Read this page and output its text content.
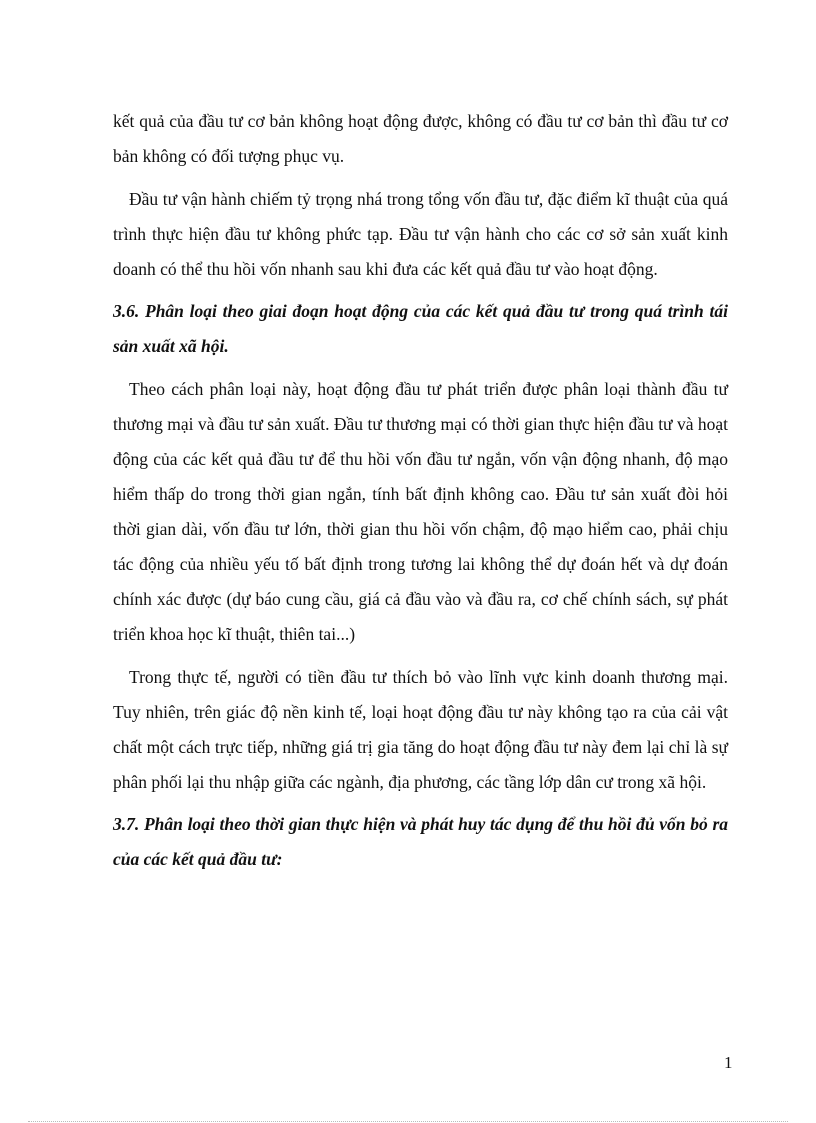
kết quả của đầu tư cơ bản không hoạt động được, không có đầu tư cơ bản thì đầu tư cơ bản không có đối tượng phục vụ.

Đầu tư vận hành chiếm tỷ trọng nhá trong tổng vốn đầu tư, đặc điểm kĩ thuật của quá trình thực hiện đầu tư không phức tạp. Đầu tư vận hành cho các cơ sở sản xuất kinh doanh có thể thu hồi vốn nhanh sau khi đưa các kết quả đầu tư vào hoạt động.

3.6. Phân loại theo giai đoạn hoạt động của các kết quả đầu tư trong quá trình tái sản xuất xã hội.

Theo cách phân loại này, hoạt động đầu tư phát triển được phân loại thành đầu tư thương mại và đầu tư sản xuất. Đầu tư thương mại có thời gian thực hiện đầu tư và hoạt động của các kết quả đầu tư để thu hồi vốn đầu tư ngắn, vốn vận động nhanh, độ mạo hiểm thấp do trong thời gian ngắn, tính bất định không cao. Đầu tư sản xuất đòi hỏi thời gian dài, vốn đầu tư lớn, thời gian thu hồi vốn chậm, độ mạo hiểm cao, phải chịu tác động của nhiều yếu tố bất định trong tương lai không thể dự đoán hết và dự đoán chính xác được (dự báo cung cầu, giá cả đầu vào và đầu ra, cơ chế chính sách, sự phát triển khoa học kĩ thuật, thiên tai...)

Trong thực tế, người có tiền đầu tư thích bỏ vào lĩnh vực kinh doanh thương mại. Tuy nhiên, trên giác độ nền kinh tế, loại hoạt động đầu tư này không tạo ra của cải vật chất một cách trực tiếp, những giá trị gia tăng do hoạt động đầu tư này đem lại chỉ là sự phân phối lại thu nhập giữa các ngành, địa phương, các tầng lớp dân cư trong xã hội.

3.7. Phân loại theo thời gian thực hiện và phát huy tác dụng để thu hồi đủ vốn bỏ ra của các kết quả đầu tư:

1
